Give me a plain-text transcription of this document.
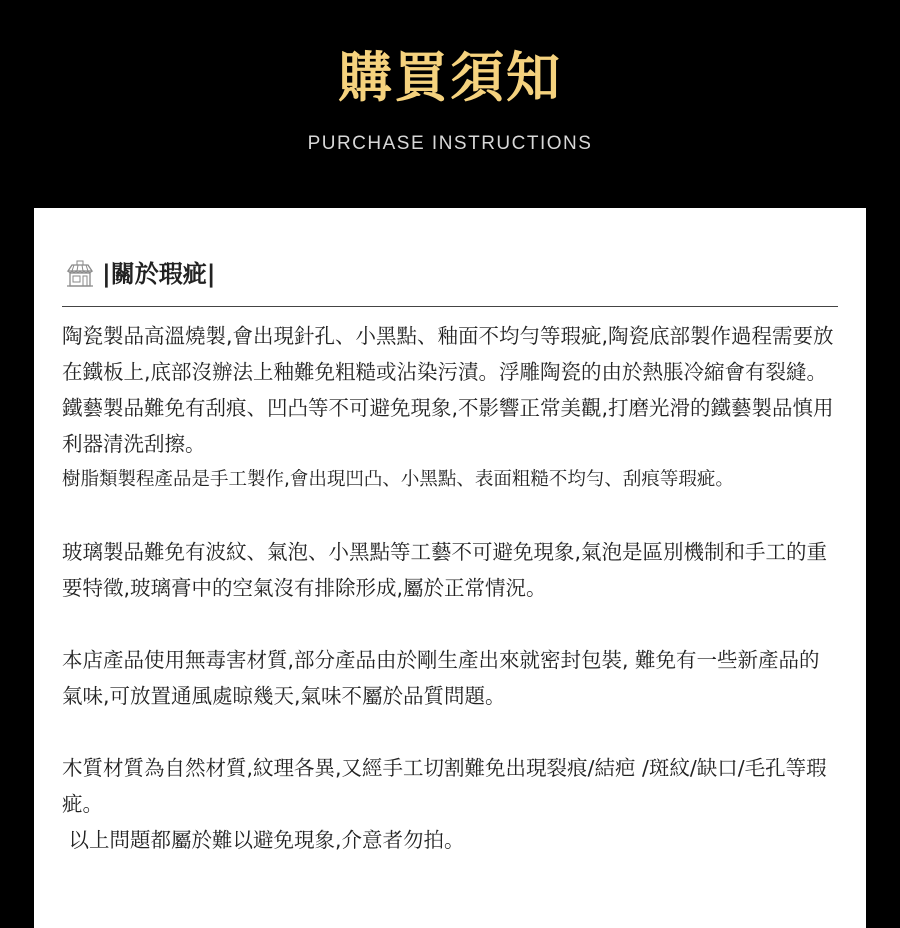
購買須知
PURCHASE INSTRUCTIONS
|關於瑕疵|

陶瓷製品高溫燒製,會出現針孔、小黑點、釉面不均勻等瑕疵,陶瓷底部製作過程需要放在鐵板上,底部沒辦法上釉難免粗糙或沾染污漬。浮雕陶瓷的由於熱脹冷縮會有裂縫。

鐵藝製品難免有刮痕、凹凸等不可避免現象,不影響正常美觀,打磨光滑的鐵藝製品慎用利器清洗刮擦。

樹脂類製程產品是手工製作,會出現凹凸、小黑點、表面粗糙不均勻、刮痕等瑕疵。

玻璃製品難免有波紋、氣泡、小黑點等工藝不可避免現象,氣泡是區別機制和手工的重要特徵,玻璃膏中的空氣沒有排除形成,屬於正常情況。

本店產品使用無毒害材質,部分產品由於剛生產出來就密封包裝, 難免有一些新產品的氣味,可放置通風處晾幾天,氣味不屬於品質問題。

木質材質為自然材質,紋理各異,又經手工切割難免出現裂痕/結疤 /斑紋/缺口/毛孔等瑕疵。

以上問題都屬於難以避免現象,介意者勿拍。
